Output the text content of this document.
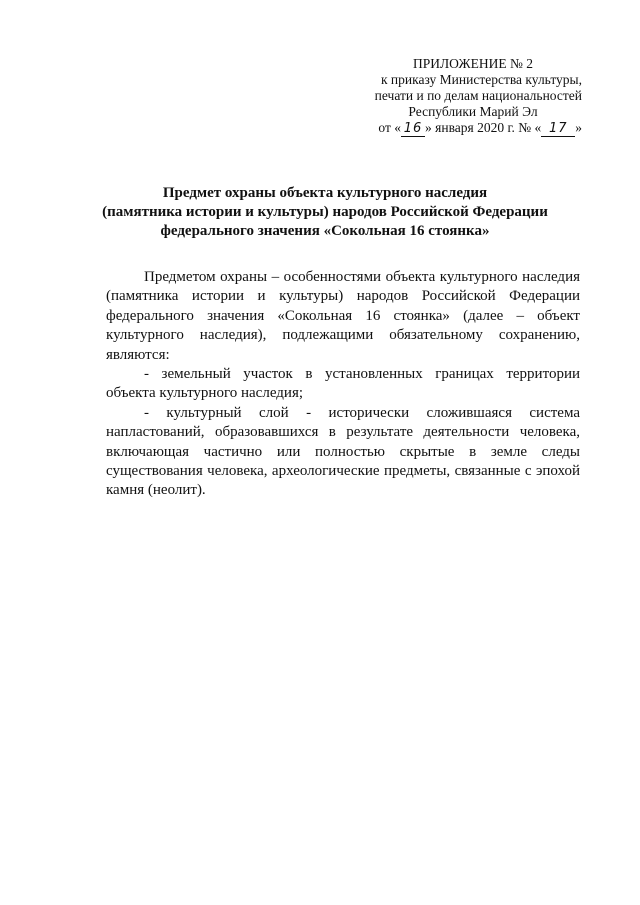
ПРИЛОЖЕНИЕ № 2
к приказу Министерства культуры,
печати и по делам национальностей
Республики Марий Эл
от « 16 » января 2020 г. № « 17 »
Предмет охраны объекта культурного наследия
(памятника истории и культуры) народов Российской Федерации
федерального значения «Сокольная 16 стоянка»

Предметом охраны – особенностями объекта культурного наследия (памятника истории и культуры) народов Российской Федерации федерального значения «Сокольная 16 стоянка» (далее – объект культурного наследия), подлежащими обязательному сохранению, являются:

- земельный участок в установленных границах территории объекта культурного наследия;

- культурный слой - исторически сложившаяся система напластований, образовавшихся в результате деятельности человека, включающая частично или полностью скрытые в земле следы существования человека, археологические предметы, связанные с эпохой камня (неолит).
